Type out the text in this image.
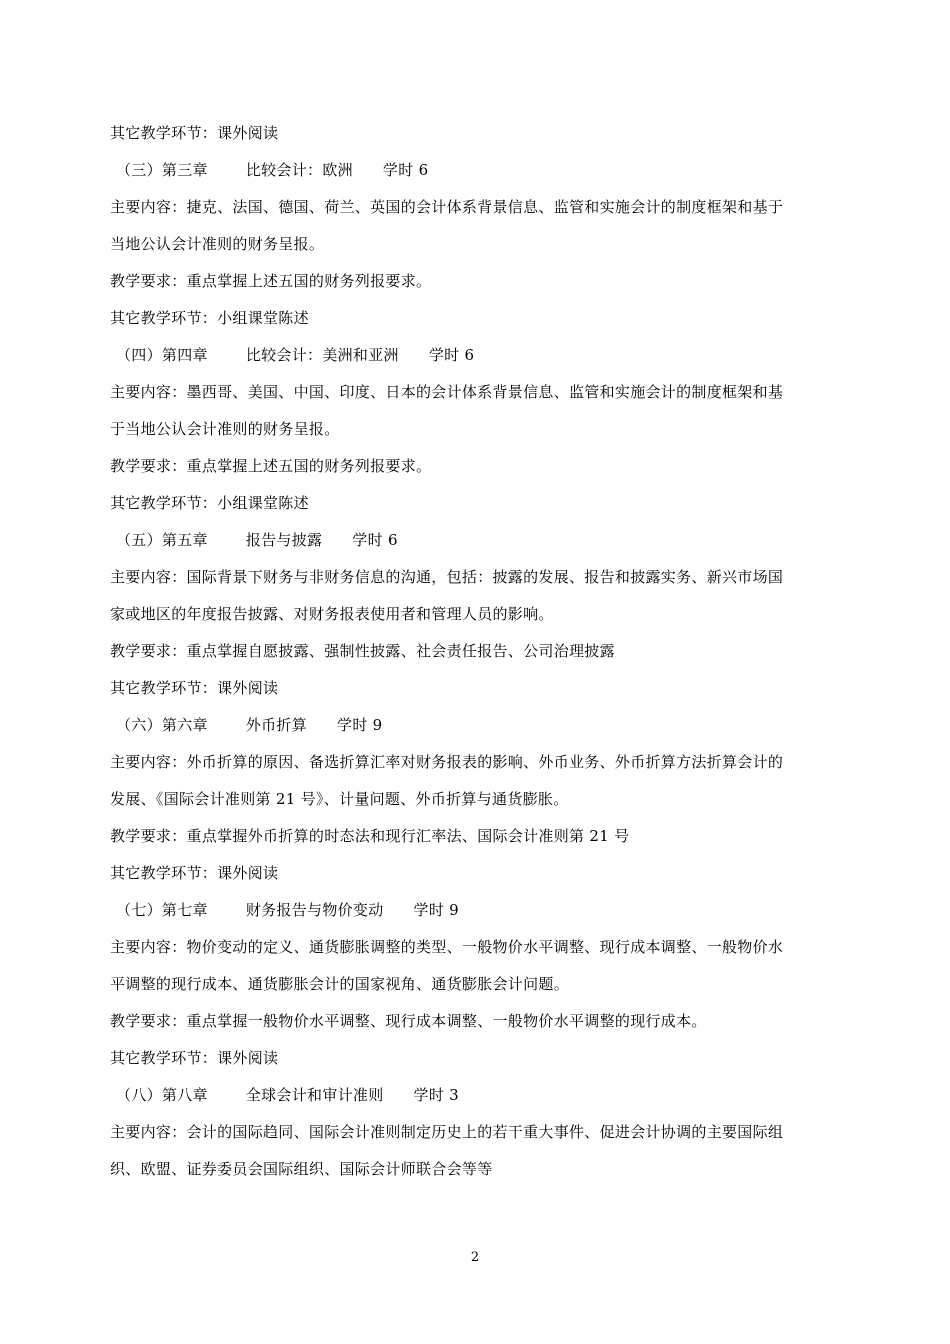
其它教学环节：课外阅读
（三）第三章	比较会计：欧洲 学时 6
主要内容：捷克、法国、德国、荷兰、英国的会计体系背景信息、监管和实施会计的制度框架和基于
当地公认会计准则的财务呈报。
教学要求：重点掌握上述五国的财务列报要求。
其它教学环节：小组课堂陈述
（四）第四章	比较会计：美洲和亚洲 学时 6
主要内容：墨西哥、美国、中国、印度、日本的会计体系背景信息、监管和实施会计的制度框架和基
于当地公认会计准则的财务呈报。
教学要求：重点掌握上述五国的财务列报要求。
其它教学环节：小组课堂陈述
（五）第五章	报告与披露 学时 6
主要内容：国际背景下财务与非财务信息的沟通，包括：披露的发展、报告和披露实务、新兴市场国
家或地区的年度报告披露、对财务报表使用者和管理人员的影响。
教学要求：重点掌握自愿披露、强制性披露、社会责任报告、公司治理披露
其它教学环节：课外阅读
（六）第六章	外币折算 学时 9
主要内容：外币折算的原因、备选折算汇率对财务报表的影响、外币业务、外币折算方法折算会计的
发展、《国际会计准则第 21 号》、计量问题、外币折算与通货膨胀。
教学要求：重点掌握外币折算的时态法和现行汇率法、国际会计准则第 21 号
其它教学环节：课外阅读
（七）第七章	财务报告与物价变动 学时 9
主要内容：物价变动的定义、通货膨胀调整的类型、一般物价水平调整、现行成本调整、一般物价水
平调整的现行成本、通货膨胀会计的国家视角、通货膨胀会计问题。
教学要求：重点掌握一般物价水平调整、现行成本调整、一般物价水平调整的现行成本。
其它教学环节：课外阅读
（八）第八章	全球会计和审计准则 学时 3
主要内容：会计的国际趋同、国际会计准则制定历史上的若干重大事件、促进会计协调的主要国际组
织、欧盟、证券委员会国际组织、国际会计师联合会等等
2
